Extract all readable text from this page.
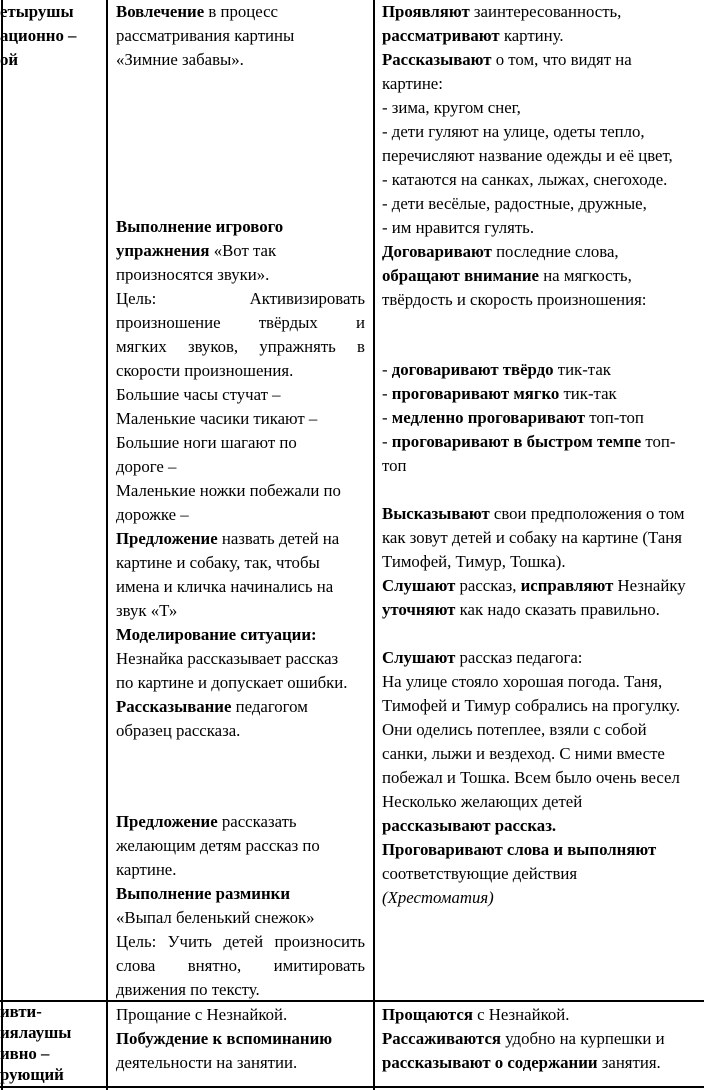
етырушы
ационно –
ой
Вовлечение в процесс
рассматривания картины
«Зимние забавы».
Выполнение игрового
упражнения «Вот так
произносятся звуки».
Цель:	Активизировать
произношение твёрдых и
мягких звуков, упражнять в
скорости произношения.
Большие часы стучат –
Маленькие часики тикают –
Большие ноги шагают по
дороге –
Маленькие ножки побежали по
дорожке –
Предложение назвать детей на
картине и собаку, так, чтобы
имена и кличка начинались на
звук «Т»
Моделирование ситуации:
Незнайка рассказывает рассказ
по картине и допускает ошибки.
Рассказывание педагогом
образец рассказа.
Предложение рассказать
желающим детям рассказ по
картине.
Выполнение разминки
«Выпал беленький снежок»
Цель: Учить детей произносить
слова внятно, имитировать
движения по тексту.
Проявляют заинтересованность,
рассматривают картину.
Рассказывают о том, что видят на
картине:
- зима, кругом снег,
- дети гуляют на улице, одеты тепло,
перечисляют название одежды и её цвет,
- катаются на санках, лыжах, снегоходе.
- дети весёлые, радостные, дружные,
- им нравится гулять.
Договаривают последние слова,
обращают внимание на мягкость,
твёрдость и скорость произношения:
- договаривают твёрдо тик-так
- проговаривают мягко тик-так
- медленно проговаривают топ-топ
- проговаривают в быстром темпе топ-
топ
Высказывают свои предположения о том
как зовут детей и собаку на картине (Таня
Тимофей, Тимур, Тошка).
Слушают рассказ, исправляют Незнайку
уточняют как надо сказать правильно.
Слушают рассказ педагога:
На улице стояло хорошая погода. Таня,
Тимофей и Тимур собрались на прогулку.
Они оделись потеплее, взяли с собой
санки, лыжи и вездеход. С ними вместе
побежал и Тошка. Всем было очень весел
Несколько желающих детей
рассказывают рассказ.
Проговаривают слова и выполняют
соответствующие действия
(Хрестоматия)
ивти-
иялаушы
ивно –
рующий
Прощание с Незнайкой.
Побуждение к вспоминанию
деятельности на занятии.
Прощаются с Незнайкой.
Рассаживаются удобно на курпешки и
рассказывают о содержании занятия.
